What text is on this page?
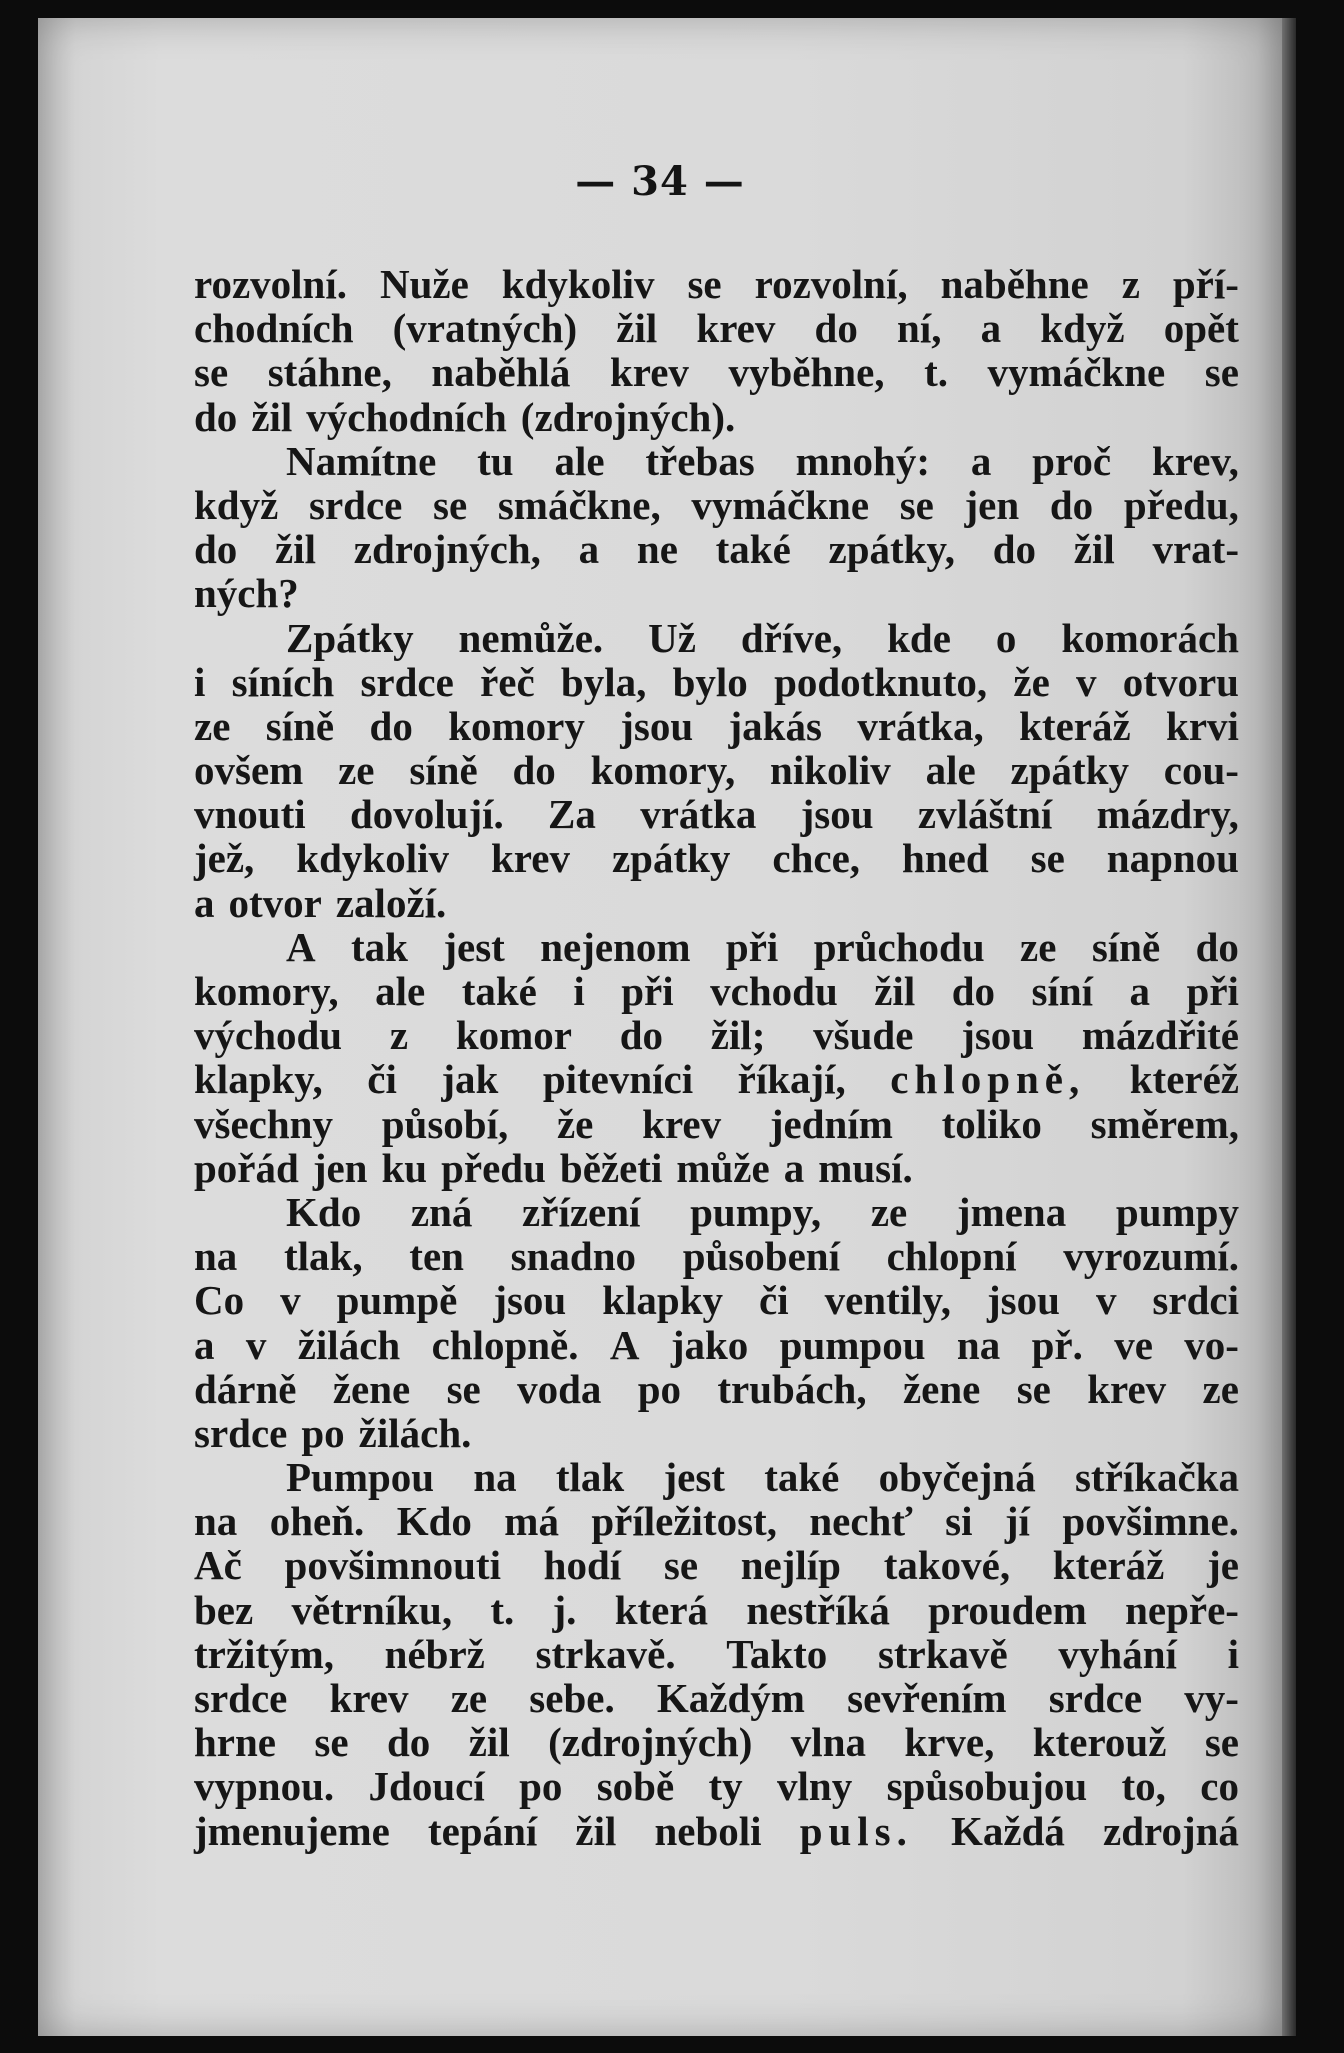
— 34 —
rozvolní. Nuže kdykoliv se rozvolní, naběhne z pří-
chodních (vratných) žil krev do ní, a když opět
se stáhne, naběhlá krev vyběhne, t. vymáčkne se
do žil východních (zdrojných).
Namítne tu ale třebas mnohý: a proč krev,
když srdce se smáčkne, vymáčkne se jen do předu,
do žil zdrojných, a ne také zpátky, do žil vrat-
ných?
Zpátky nemůže. Už dříve, kde o komorách
i síních srdce řeč byla, bylo podotknuto, že v otvoru
ze síně do komory jsou jakás vrátka, kteráž krvi
ovšem ze síně do komory, nikoliv ale zpátky cou-
vnouti dovolují. Za vrátka jsou zvláštní mázdry,
jež, kdykoliv krev zpátky chce, hned se napnou
a otvor založí.
A tak jest nejenom při průchodu ze síně do
komory, ale také i při vchodu žil do síní a při
východu z komor do žil; všude jsou mázdřité
klapky, či jak pitevníci říkají, chlopně, kteréž
všechny působí, že krev jedním toliko směrem,
pořád jen ku předu běžeti může a musí.
Kdo zná zřízení pumpy, ze jmena pumpy
na tlak, ten snadno působení chlopní vyrozumí.
Co v pumpě jsou klapky či ventily, jsou v srdci
a v žilách chlopně. A jako pumpou na př. ve vo-
dárně žene se voda po trubách, žene se krev ze
srdce po žilách.
Pumpou na tlak jest také obyčejná stříkačka
na oheň. Kdo má příležitost, nechť si jí povšimne.
Ač povšimnouti hodí se nejlíp takové, kteráž je
bez větrníku, t. j. která nestříká proudem nepře-
tržitým, nébrž strkavě. Takto strkavě vyhání i
srdce krev ze sebe. Každým sevřením srdce vy-
hrne se do žil (zdrojných) vlna krve, kterouž se
vypnou. Jdoucí po sobě ty vlny spůsobujou to, co
jmenujeme tepání žil neboli puls. Každá zdrojná
